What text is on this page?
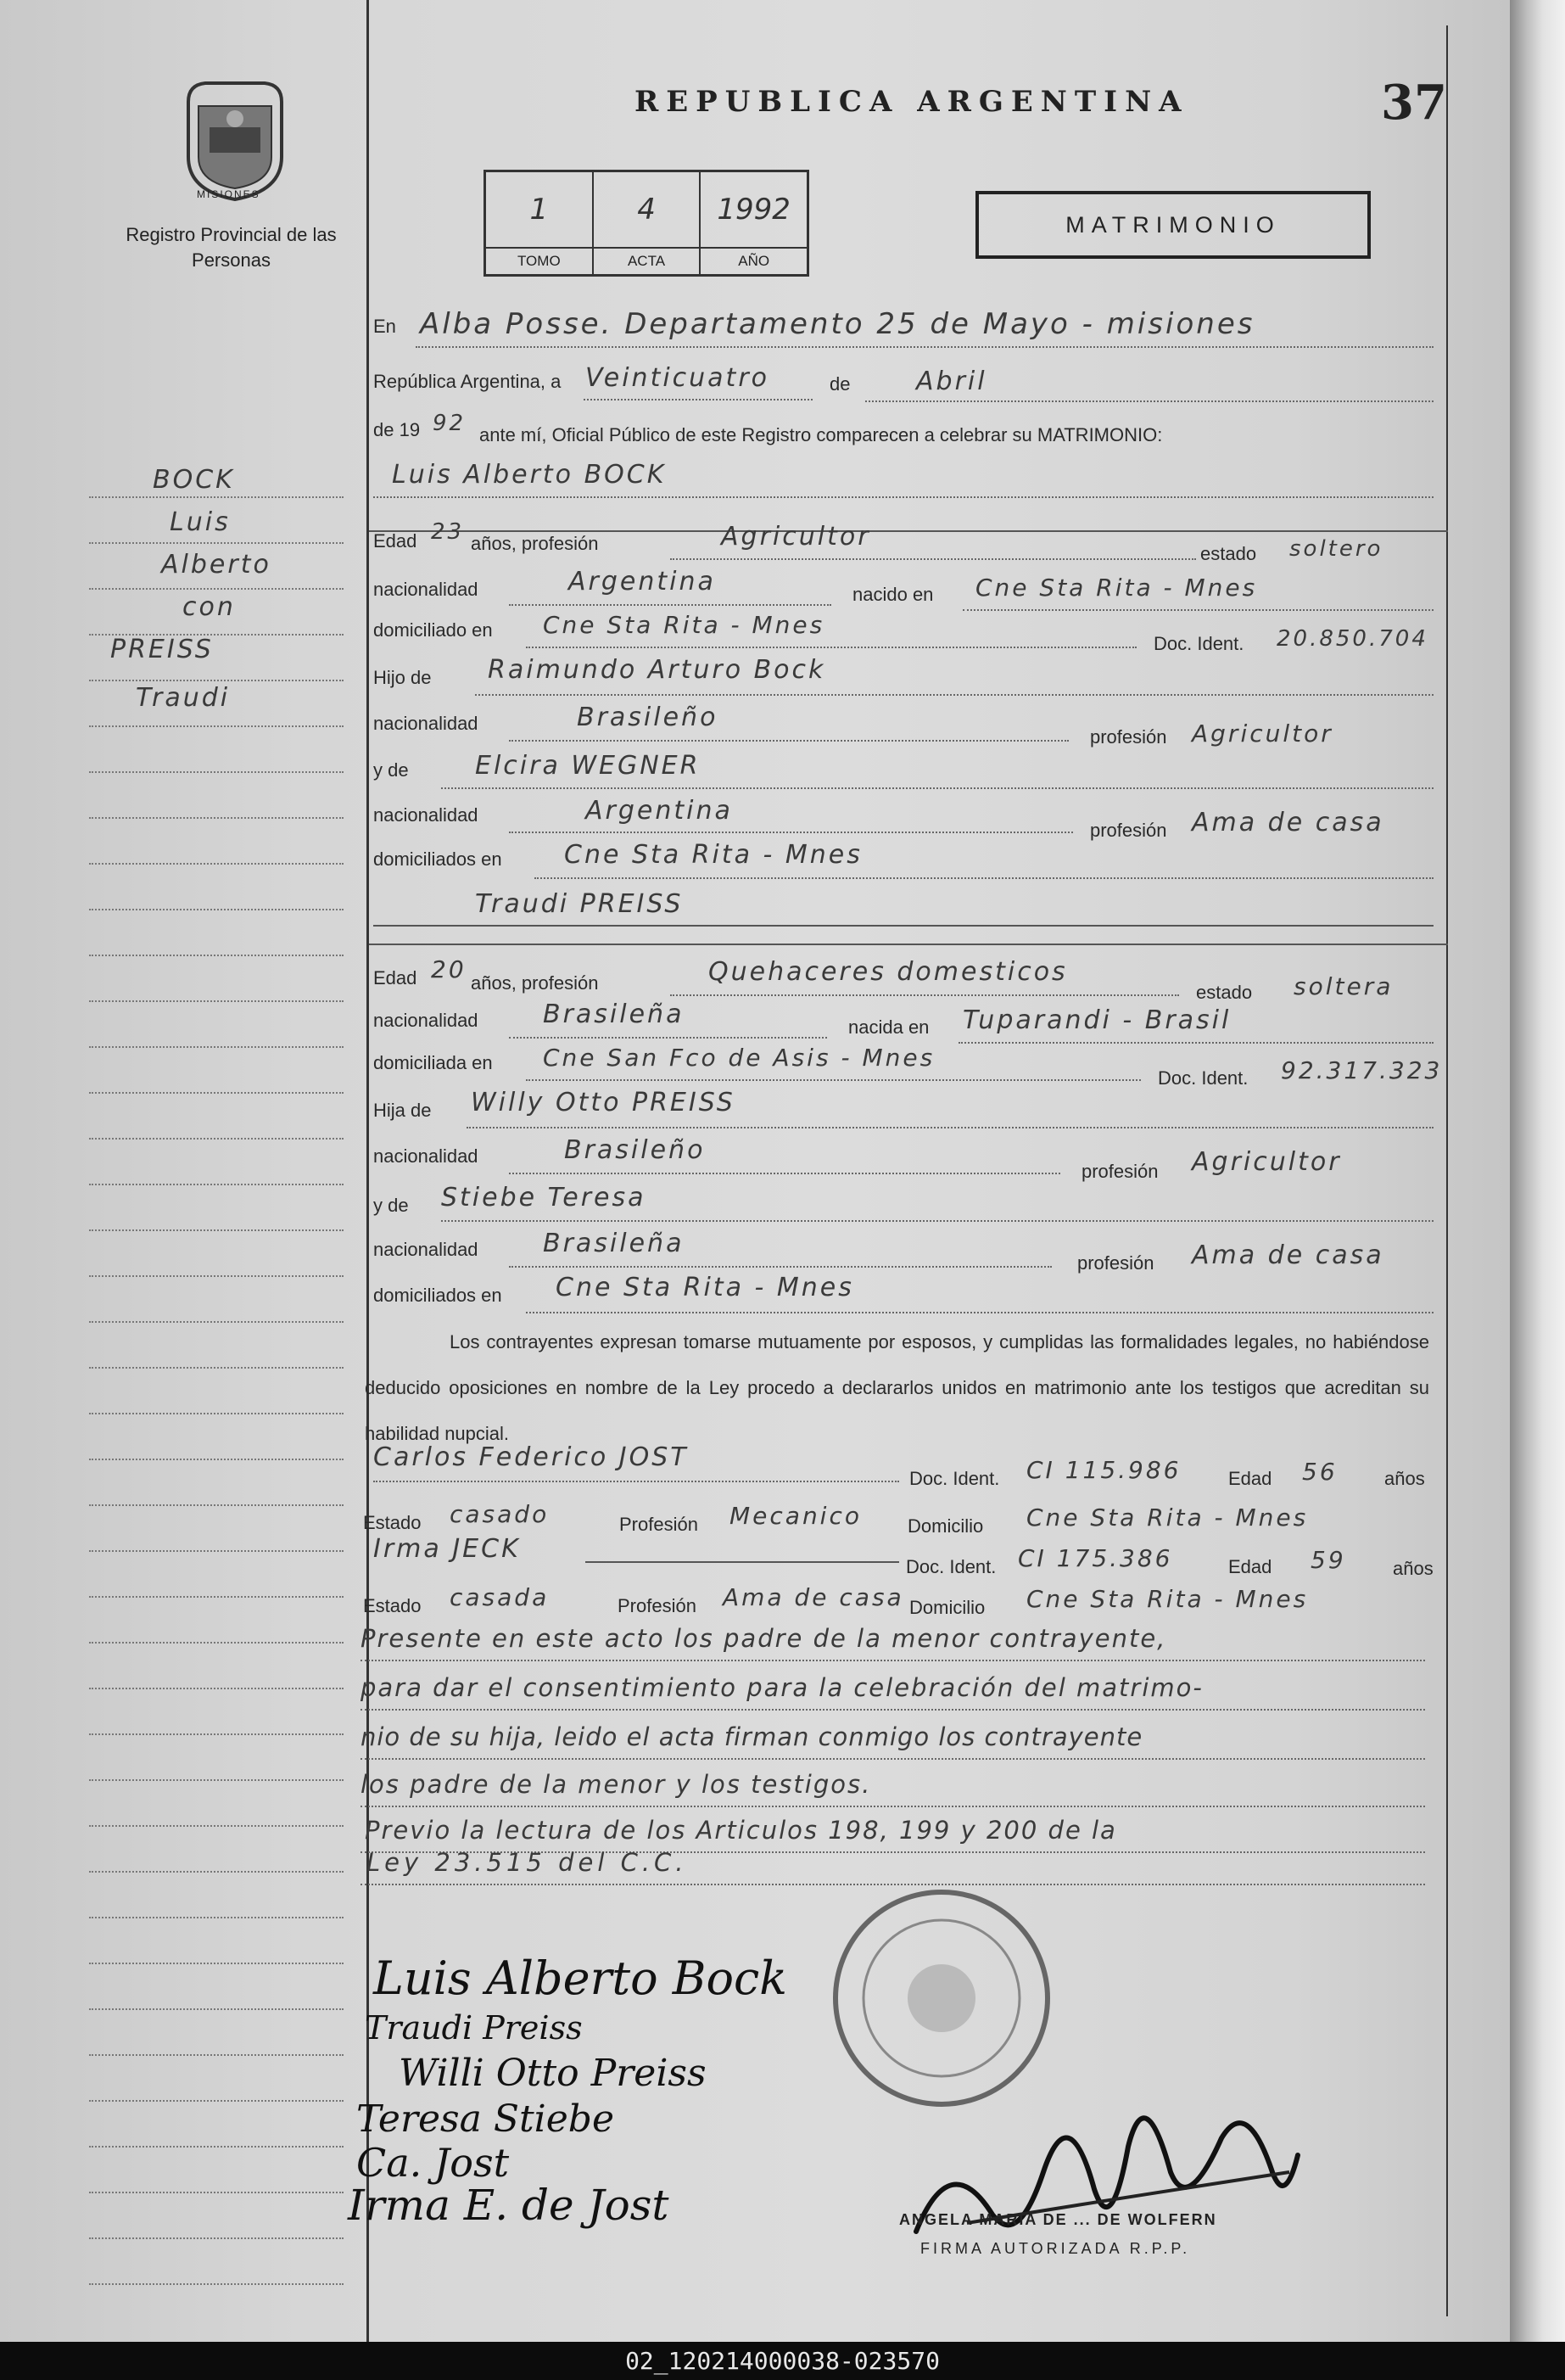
MISIONES
Registro Provincial de las Personas
REPUBLICA ARGENTINA	37
1
TOMO
4
ACTA
1992
AÑO
MATRIMONIO
BOCK
Luis
Alberto
con
PREISS
Traudi
En Alba Posse. Departamento 25 de Mayo - misiones
República Argentina, a Veinticuatro	de	Abril
de 19 92 ante mí, Oficial Público de este Registro comparecen a celebrar su MATRIMONIO:
Luis Alberto BOCK
Edad 23 años, profesión	Agricultor
estado soltero
nacionalidad	Argentina	nacido en Cne Sta Rita - Mnes
domiciliado en Cne Sta Rita - Mnes
Doc. Ident. 20.850.704
Hijo de Raimundo Arturo Bock
nacionalidad	Brasileño
profesión Agricultor
y de	Elcira WEGNER
nacionalidad	Argentina
profesión Ama de casa
domiciliados en Cne Sta Rita - Mnes
Traudi PREISS
Edad 20 años, profesión	Quehaceres domesticos
estado soltera
nacionalidad	Brasileña	nacida en Tuparandi - Brasil
domiciliada en Cne San Fco de Asis - Mnes
Doc. Ident. 92.317.323
Hija de Willy Otto PREISS
nacionalidad	Brasileño
profesión Agricultor
y de Stiebe Teresa
nacionalidad	Brasileña
profesión Ama de casa
domiciliados en Cne Sta Rita - Mnes
Los contrayentes expresan tomarse mutuamente por esposos, y cumplidas las formalidades legales, no habiéndose deducido oposiciones en nombre de la Ley procedo a declararlos unidos en matrimonio ante los testigos que acreditan su habilidad nupcial.
Carlos Federico JOST
Doc. Ident. CI 115.986	Edad 56	años
Estado casado	Profesión Mecanico Domicilio Cne Sta Rita - Mnes
Irma JECK
Doc. Ident. CI 175.386	Edad 59	años
Estado casada	Profesión Ama de casa Domicilio Cne Sta Rita - Mnes
Presente en este acto los padre de la menor contrayente,
para dar el consentimiento para la celebración del matrimo-
nio de su hija, leido el acta firman conmigo los contrayente
los padre de la menor y los testigos.
Previo la lectura de los Articulos 198, 199 y 200 de la
Ley 23.515 del C.C.
Luis Alberto Bock
Traudi Preiss
Willi Otto Preiss
Teresa Stiebe
Ca. Jost
Irma E. de Jost	ANGELA MARIA DE ... DE WOLFERN
FIRMA AUTORIZADA R.P.P.
02_120214000038-023570
